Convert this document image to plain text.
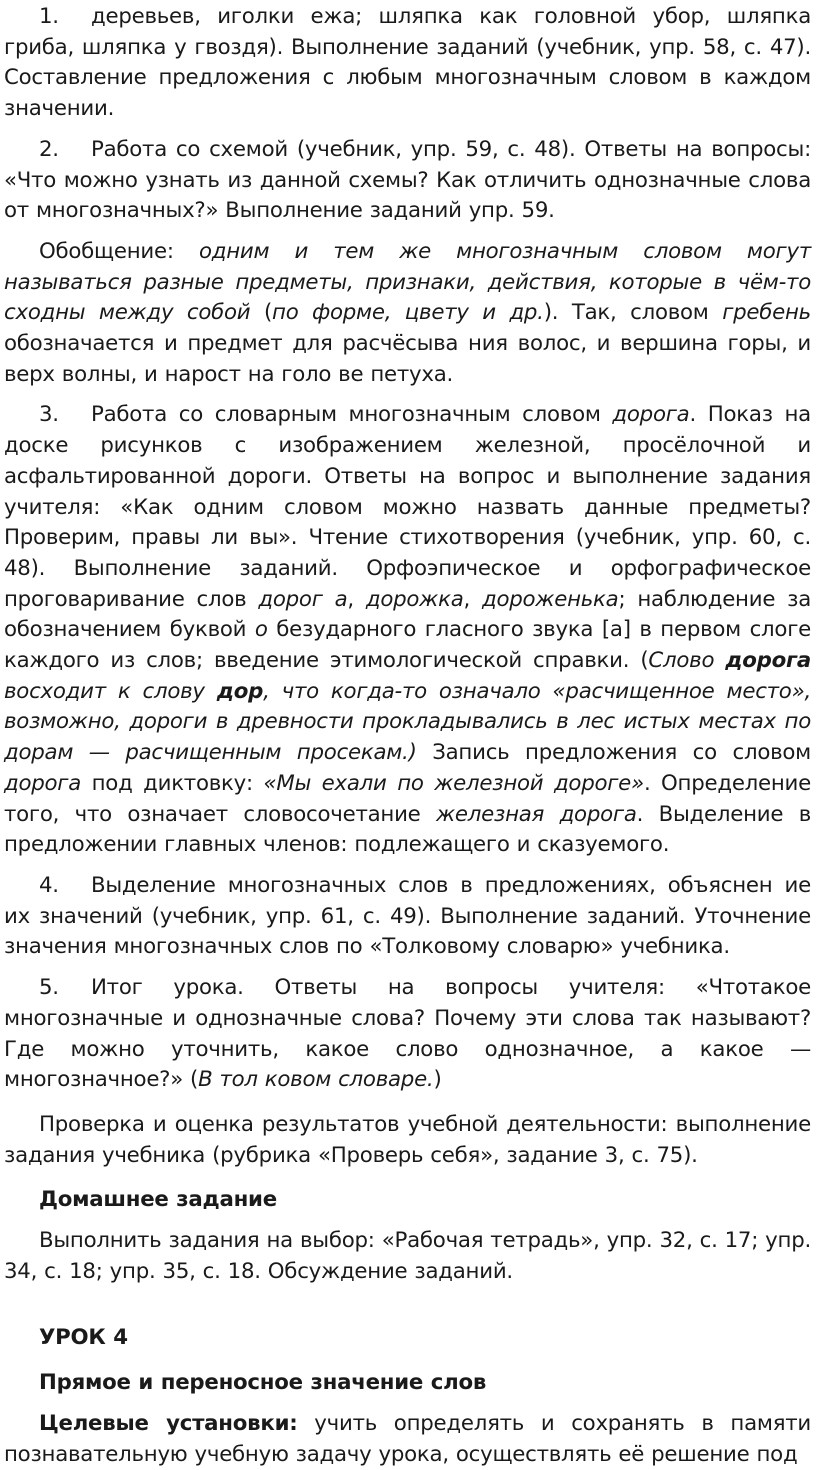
1. деревьев, иголки ежа; шляпка как головной убор, шляпка гриба, шляпка у гвоздя). Выполнение заданий (учебник, упр. 58, с. 47). Составление предложения с любым многозначным словом в каждом значении.

2. Работа со схемой (учебник, упр. 59, с. 48). Ответы на вопросы: «Что можно узнать из данной схемы? Как отличить однозначные слова от многозначных?» Выполнение заданий упр. 59.

Обобщение: одним и тем же многозначным словом могут называться разные предметы, признаки, действия, которые в чём-то сходны между собой (по форме, цвету и др.). Так, словом гребень обозначается и предмет для расчёсыва ния волос, и вершина горы, и верх волны, и нарост на голо ве петуха.

3. Работа со словарным многозначным словом дорога. Показ на доске рисунков с изображением железной, просёлочной и асфальтированной дороги. Ответы на вопрос и выполнение задания учителя: «Как одним словом можно назвать данные предметы? Проверим, правы ли вы». Чтение стихотворения (учебник, упр. 60, с. 48). Выполнение заданий. Орфоэпическое и орфографическое проговаривание слов дорог а, дорожка, дороженька; наблюдение за обозначением буквой о безударного гласного звука [а] в первом слоге каждого из слов; введение этимологической справки. (Слово дорога восходит к слову дор, что когда-то означало «расчищенное место», возможно, дороги в древности прокладывались в лес истых местах по дорам — расчищенным просекам.) Запись предложения со словом дорога под диктовку: «Мы ехали по железной дороге». Определение того, что означает словосочетание железная дорога. Выделение в предложении главных членов: подлежащего и сказуемого.

4. Выделение многозначных слов в предложениях, объяснен ие их значений (учебник, упр. 61, с. 49). Выполнение заданий. Уточнение значения многозначных слов по «Толковому словарю» учебника.

5. Итог урока. Ответы на вопросы учителя: «Чтотакое многозначные и однозначные слова? Почему эти слова так называют? Где можно уточнить, какое слово однозначное, а какое — многозначное?» (В тол ковом словаре.)

Проверка и оценка результатов учебной деятельности: выполнение задания учебника (рубрика «Проверь себя», задание 3, с. 75).

Домашнее задание

Выполнить задания на выбор: «Рабочая тетрадь», упр. 32, с. 17; упр. 34, с. 18; упр. 35, с. 18. Обсуждение заданий.

УРОК 4

Прямое и переносное значение слов

Целевые установки: учить определять и сохранять в памяти познавательную учебную задачу урока, осуществлять её решение под
